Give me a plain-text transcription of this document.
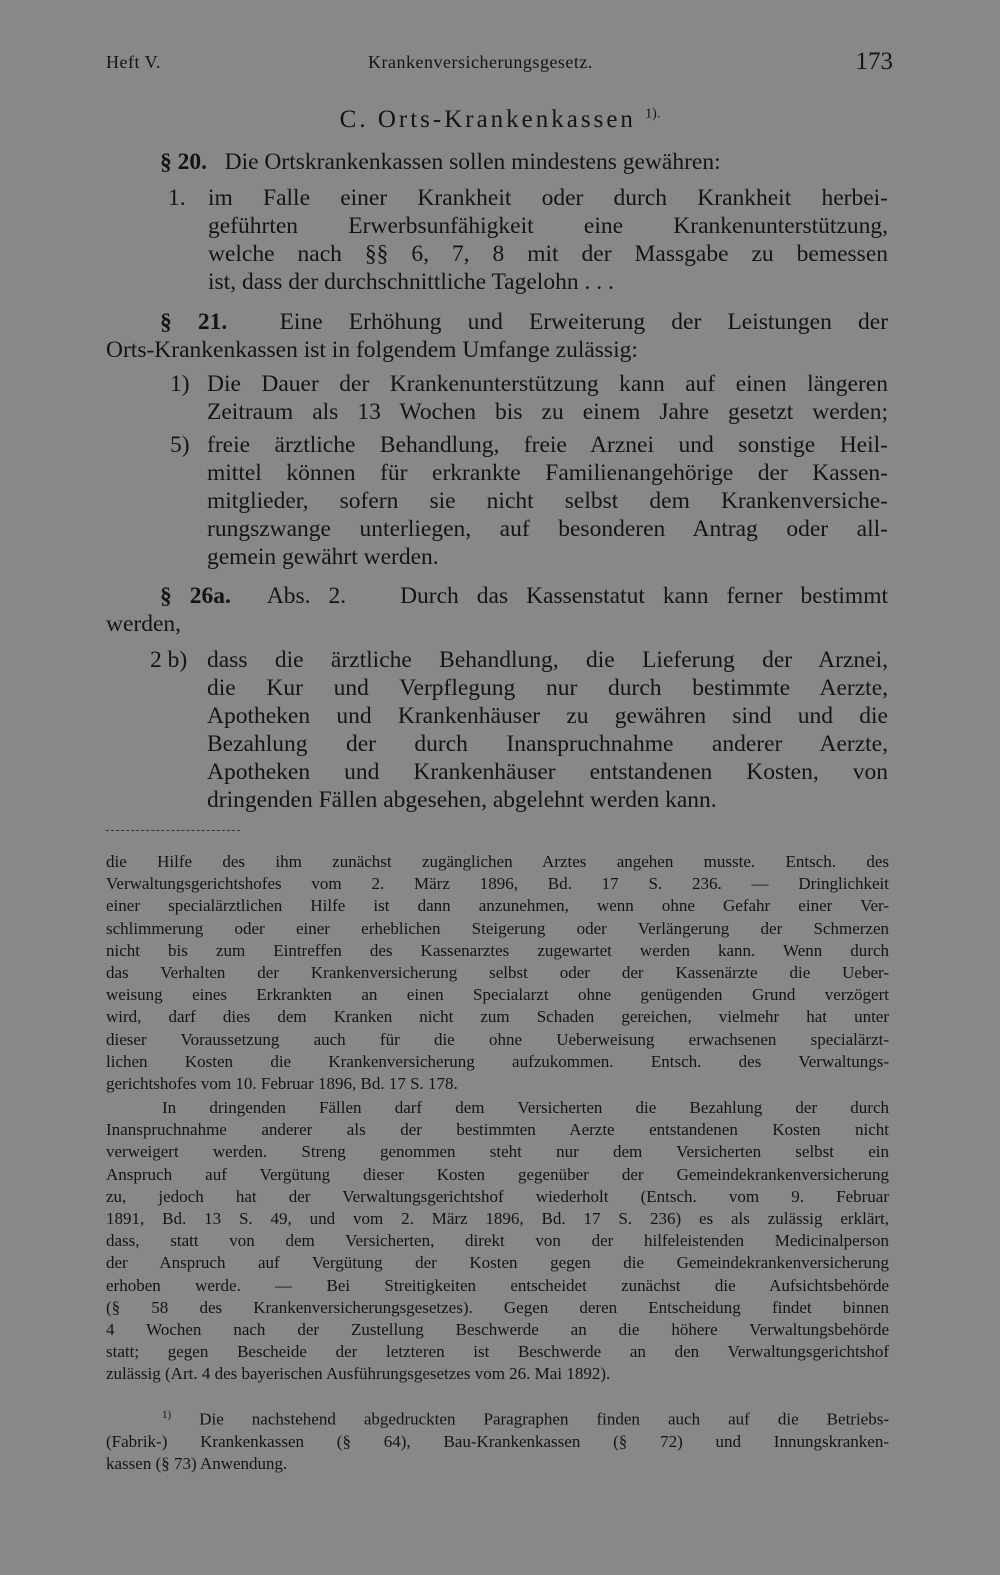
Heft V.	Krankenversicherungsgesetz.	173
C. Orts-Krankenkassen $^{1).}$
§ 20. Die Ortskrankenkassen sollen mindestens gewähren:
1. im Falle einer Krankheit oder durch Krankheit herbei-
geführten Erwerbsunfähigkeit eine Krankenunterstützung,
welche nach §§ 6, 7, 8 mit der Massgabe zu bemessen
ist, dass der durchschnittliche Tagelohn . . .
§ 21. Eine Erhöhung und Erweiterung der Leistungen der
Orts-Krankenkassen ist in folgendem Umfange zulässig:
1) Die Dauer der Krankenunterstützung kann auf einen längeren
Zeitraum als 13 Wochen bis zu einem Jahre gesetzt werden;
5) freie ärztliche Behandlung, freie Arznei und sonstige Heil-
mittel können für erkrankte Familienangehörige der Kassen-
mitglieder, sofern sie nicht selbst dem Krankenversiche-
rungszwange unterliegen, auf besonderen Antrag oder all-
gemein gewährt werden.
§ 26a. Abs. 2. Durch das Kassenstatut kann ferner bestimmt
werden,
2 b) dass die ärztliche Behandlung, die Lieferung der Arznei,
die Kur und Verpflegung nur durch bestimmte Aerzte,
Apotheken und Krankenhäuser zu gewähren sind und die
Bezahlung der durch Inanspruchnahme anderer Aerzte,
Apotheken und Krankenhäuser entstandenen Kosten, von
dringenden Fällen abgesehen, abgelehnt werden kann.
die Hilfe des ihm zunächst zugänglichen Arztes angehen musste. Entsch. des
Verwaltungsgerichtshofes vom 2. März 1896, Bd. 17 S. 236. — Dringlichkeit
einer specialärztlichen Hilfe ist dann anzunehmen, wenn ohne Gefahr einer Ver-
schlimmerung oder einer erheblichen Steigerung oder Verlängerung der Schmerzen
nicht bis zum Eintreffen des Kassenarztes zugewartet werden kann. Wenn durch
das Verhalten der Krankenversicherung selbst oder der Kassenärzte die Ueber-
weisung eines Erkrankten an einen Specialarzt ohne genügenden Grund verzögert
wird, darf dies dem Kranken nicht zum Schaden gereichen, vielmehr hat unter
dieser Voraussetzung auch für die ohne Ueberweisung erwachsenen specialärzt-
lichen Kosten die Krankenversicherung aufzukommen. Entsch. des Verwaltungs-
gerichtshofes vom 10. Februar 1896, Bd. 17 S. 178.
In dringenden Fällen darf dem Versicherten die Bezahlung der durch
Inanspruchnahme anderer als der bestimmten Aerzte entstandenen Kosten nicht
verweigert werden. Streng genommen steht nur dem Versicherten selbst ein
Anspruch auf Vergütung dieser Kosten gegenüber der Gemeindekrankenversicherung
zu, jedoch hat der Verwaltungsgerichtshof wiederholt (Entsch. vom 9. Februar
1891, Bd. 13 S. 49, und vom 2. März 1896, Bd. 17 S. 236) es als zulässig erklärt,
dass, statt von dem Versicherten, direkt von der hilfeleistenden Medicinalperson
der Anspruch auf Vergütung der Kosten gegen die Gemeindekrankenversicherung
erhoben werde. — Bei Streitigkeiten entscheidet zunächst die Aufsichtsbehörde
(§ 58 des Krankenversicherungsgesetzes). Gegen deren Entscheidung findet binnen
4 Wochen nach der Zustellung Beschwerde an die höhere Verwaltungsbehörde
statt; gegen Bescheide der letzteren ist Beschwerde an den Verwaltungsgerichtshof
zulässig (Art. 4 des bayerischen Ausführungsgesetzes vom 26. Mai 1892).
$^{1)}$ Die nachstehend abgedruckten Paragraphen finden auch auf die Betriebs-
(Fabrik-) Krankenkassen (§ 64), Bau-Krankenkassen (§ 72) und Innungskranken-
kassen (§ 73) Anwendung.
